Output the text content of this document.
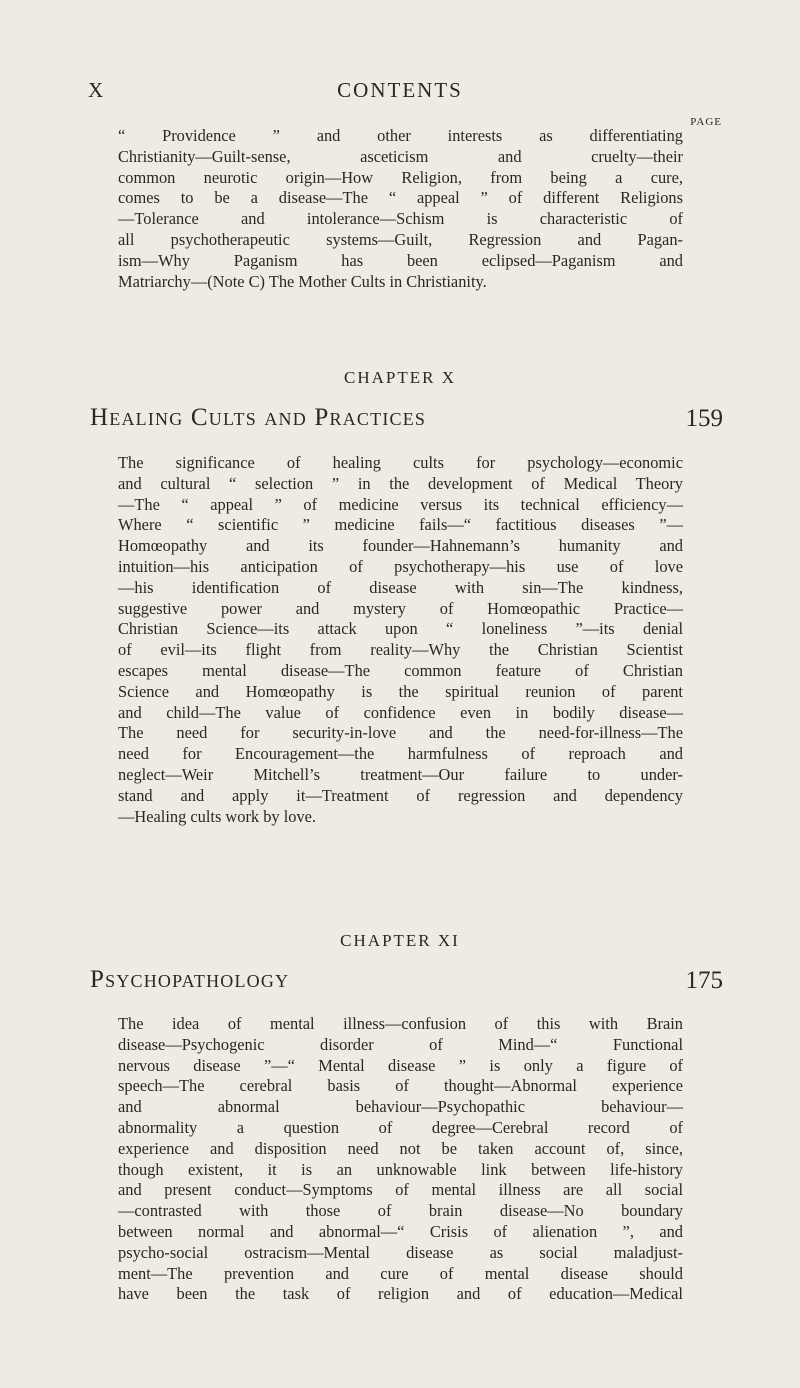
X	CONTENTS
PAGE
“ Providence ” and other interests as differentiating
Christianity—Guilt-sense, asceticism and cruelty—their
common neurotic origin—How Religion, from being a cure,
comes to be a disease—The “ appeal ” of different Religions
—Tolerance and intolerance—Schism is characteristic of
all psychotherapeutic systems—Guilt, Regression and Pagan-
ism—Why Paganism has been eclipsed—Paganism and
Matriarchy—(Note C) The Mother Cults in Christianity.
CHAPTER X
Healing Cults and Practices	159
The significance of healing cults for psychology—economic
and cultural “ selection ” in the development of Medical Theory
—The “ appeal ” of medicine versus its technical efficiency—
Where “ scientific ” medicine fails—“ factitious diseases ”—
Homœopathy and its founder—Hahnemann’s humanity and
intuition—his anticipation of psychotherapy—his use of love
—his identification of disease with sin—The kindness,
suggestive power and mystery of Homœopathic Practice—
Christian Science—its attack upon “ loneliness ”—its denial
of evil—its flight from reality—Why the Christian Scientist
escapes mental disease—The common feature of Christian
Science and Homœopathy is the spiritual reunion of parent
and child—The value of confidence even in bodily disease—
The need for security-in-love and the need-for-illness—The
need for Encouragement—the harmfulness of reproach and
neglect—Weir Mitchell’s treatment—Our failure to under-
stand and apply it—Treatment of regression and dependency
—Healing cults work by love.
CHAPTER XI
Psychopathology	175
The idea of mental illness—confusion of this with Brain
disease—Psychogenic disorder of Mind—“ Functional
nervous disease ”—“ Mental disease ” is only a figure of
speech—The cerebral basis of thought—Abnormal experience
and abnormal behaviour—Psychopathic behaviour—
abnormality a question of degree—Cerebral record of
experience and disposition need not be taken account of, since,
though existent, it is an unknowable link between life-history
and present conduct—Symptoms of mental illness are all social
—contrasted with those of brain disease—No boundary
between normal and abnormal—“ Crisis of alienation ”, and
psycho-social ostracism—Mental disease as social maladjust-
ment—The prevention and cure of mental disease should
have been the task of religion and of education—Medical
